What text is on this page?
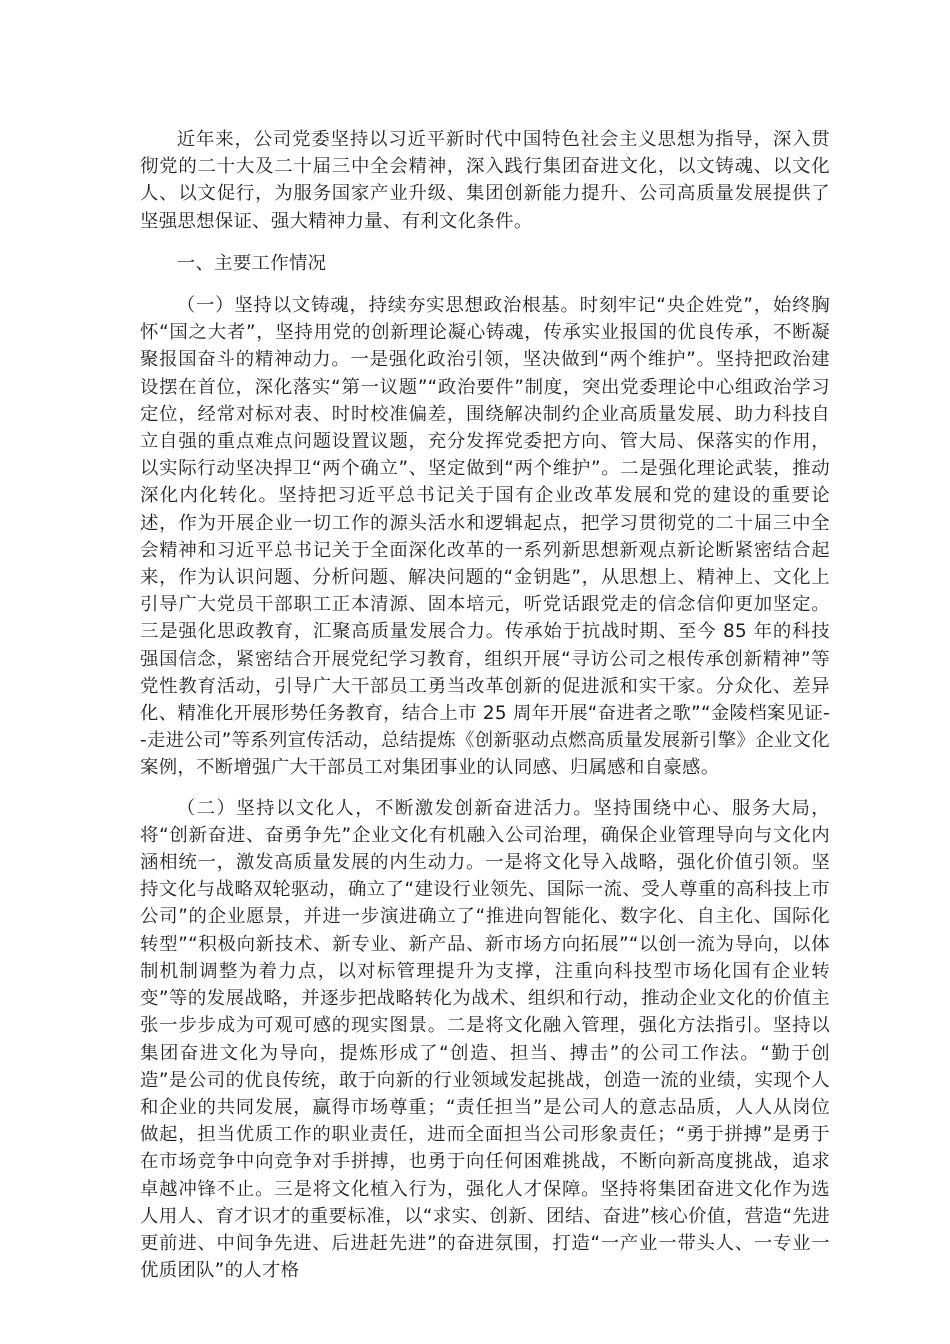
近年来，公司党委坚持以习近平新时代中国特色社会主义思想为指导，深入贯彻党的二十大及二十届三中全会精神，深入践行集团奋进文化，以文铸魂、以文化人、以文促行，为服务国家产业升级、集团创新能力提升、公司高质量发展提供了坚强思想保证、强大精神力量、有利文化条件。

一、主要工作情况

（一）坚持以文铸魂，持续夯实思想政治根基。时刻牢记“央企姓党”，始终胸怀“国之大者”，坚持用党的创新理论凝心铸魂，传承实业报国的优良传承，不断凝聚报国奋斗的精神动力。一是强化政治引领，坚决做到“两个维护”。坚持把政治建设摆在首位，深化落实“第一议题”“政治要件”制度，突出党委理论中心组政治学习定位，经常对标对表、时时校准偏差，围绕解决制约企业高质量发展、助力科技自立自强的重点难点问题设置议题，充分发挥党委把方向、管大局、保落实的作用，以实际行动坚决捍卫“两个确立”、坚定做到“两个维护”。二是强化理论武装，推动深化内化转化。坚持把习近平总书记关于国有企业改革发展和党的建设的重要论述，作为开展企业一切工作的源头活水和逻辑起点，把学习贯彻党的二十届三中全会精神和习近平总书记关于全面深化改革的一系列新思想新观点新论断紧密结合起来，作为认识问题、分析问题、解决问题的“金钥匙”，从思想上、精神上、文化上引导广大党员干部职工正本清源、固本培元，听党话跟党走的信念信仰更加坚定。三是强化思政教育，汇聚高质量发展合力。传承始于抗战时期、至今 85 年的科技强国信念，紧密结合开展党纪学习教育，组织开展“寻访公司之根传承创新精神”等党性教育活动，引导广大干部员工勇当改革创新的促进派和实干家。分众化、差异化、精准化开展形势任务教育，结合上市 25 周年开展“奋进者之歌”“金陵档案见证--走进公司”等系列宣传活动，总结提炼《创新驱动点燃高质量发展新引擎》企业文化案例，不断增强广大干部员工对集团事业的认同感、归属感和自豪感。

（二）坚持以文化人，不断激发创新奋进活力。坚持围绕中心、服务大局，将“创新奋进、奋勇争先”企业文化有机融入公司治理，确保企业管理导向与文化内涵相统一，激发高质量发展的内生动力。一是将文化导入战略，强化价值引领。坚持文化与战略双轮驱动，确立了“建设行业领先、国际一流、受人尊重的高科技上市公司”的企业愿景，并进一步演进确立了“推进向智能化、数字化、自主化、国际化转型”“积极向新技术、新专业、新产品、新市场方向拓展”“以创一流为导向，以体制机制调整为着力点，以对标管理提升为支撑，注重向科技型市场化国有企业转变”等的发展战略，并逐步把战略转化为战术、组织和行动，推动企业文化的价值主张一步步成为可观可感的现实图景。二是将文化融入管理，强化方法指引。坚持以集团奋进文化为导向，提炼形成了“创造、担当、搏击”的公司工作法。“勤于创造”是公司的优良传统，敢于向新的行业领域发起挑战，创造一流的业绩，实现个人和企业的共同发展，赢得市场尊重；“责任担当”是公司人的意志品质，人人从岗位做起，担当优质工作的职业责任，进而全面担当公司形象责任；“勇于拼搏”是勇于在市场竞争中向竞争对手拼搏，也勇于向任何困难挑战，不断向新高度挑战，追求卓越冲锋不止。三是将文化植入行为，强化人才保障。坚持将集团奋进文化作为选人用人、育才识才的重要标准，以“求实、创新、团结、奋进”核心价值，营造“先进更前进、中间争先进、后进赶先进”的奋进氛围，打造“一产业一带头人、一专业一优质团队”的人才格
